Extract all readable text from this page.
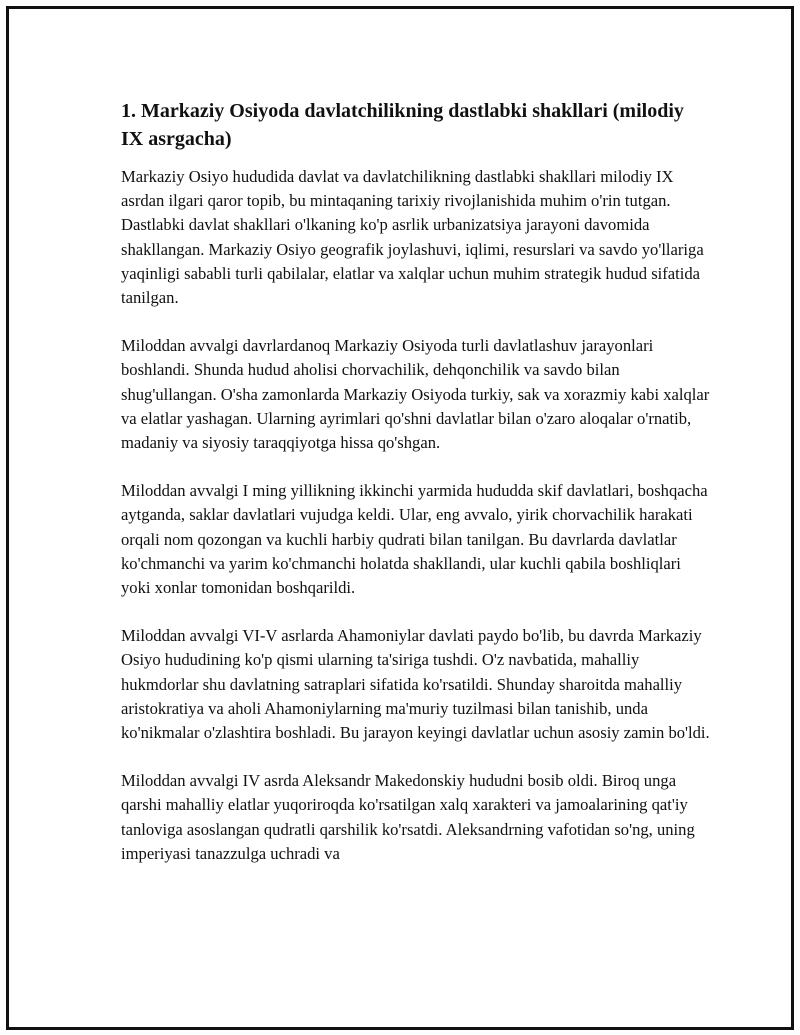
1. Markaziy Osiyoda davlatchilikning dastlabki shakllari (milodiy IX asrgacha)

Markaziy Osiyo hududida davlat va davlatchilikning dastlabki shakllari milodiy IX asrdan ilgari qaror topib, bu mintaqaning tarixiy rivojlanishida muhim o'rin tutgan. Dastlabki davlat shakllari o'lkaning ko'p asrlik urbanizatsiya jarayoni davomida shakllangan. Markaziy Osiyo geografik joylashuvi, iqlimi, resurslari va savdo yo'llariga yaqinligi sababli turli qabilalar, elatlar va xalqlar uchun muhim strategik hudud sifatida tanilgan.

Miloddan avvalgi davrlardanoq Markaziy Osiyoda turli davlatlashuv jarayonlari boshlandi. Shunda hudud aholisi chorvachilik, dehqonchilik va savdo bilan shug'ullangan. O'sha zamonlarda Markaziy Osiyoda turkiy, sak va xorazmiy kabi xalqlar va elatlar yashagan. Ularning ayrimlari qo'shni davlatlar bilan o'zaro aloqalar o'rnatib, madaniy va siyosiy taraqqiyotga hissa qo'shgan.

Miloddan avvalgi I ming yillikning ikkinchi yarmida hududda skif davlatlari, boshqacha aytganda, saklar davlatlari vujudga keldi. Ular, eng avvalo, yirik chorvachilik harakati orqali nom qozongan va kuchli harbiy qudrati bilan tanilgan. Bu davrlarda davlatlar ko'chmanchi va yarim ko'chmanchi holatda shakllandi, ular kuchli qabila boshliqlari yoki xonlar tomonidan boshqarildi.

Miloddan avvalgi VI-V asrlarda Ahamoniylar davlati paydo bo'lib, bu davrda Markaziy Osiyo hududining ko'p qismi ularning ta'siriga tushdi. O'z navbatida, mahalliy hukmdorlar shu davlatning satraplari sifatida ko'rsatildi. Shunday sharoitda mahalliy aristokratiya va aholi Ahamoniylarning ma'muriy tuzilmasi bilan tanishib, unda ko'nikmalar o'zlashtira boshladi. Bu jarayon keyingi davlatlar uchun asosiy zamin bo'ldi.

Miloddan avvalgi IV asrda Aleksandr Makedonskiy hududni bosib oldi. Biroq unga qarshi mahalliy elatlar yuqoriroqda ko'rsatilgan xalq xarakteri va jamoalarining qat'iy tanloviga asoslangan qudratli qarshilik ko'rsatdi. Aleksandrning vafotidan so'ng, uning imperiyasi tanazzulga uchradi va
